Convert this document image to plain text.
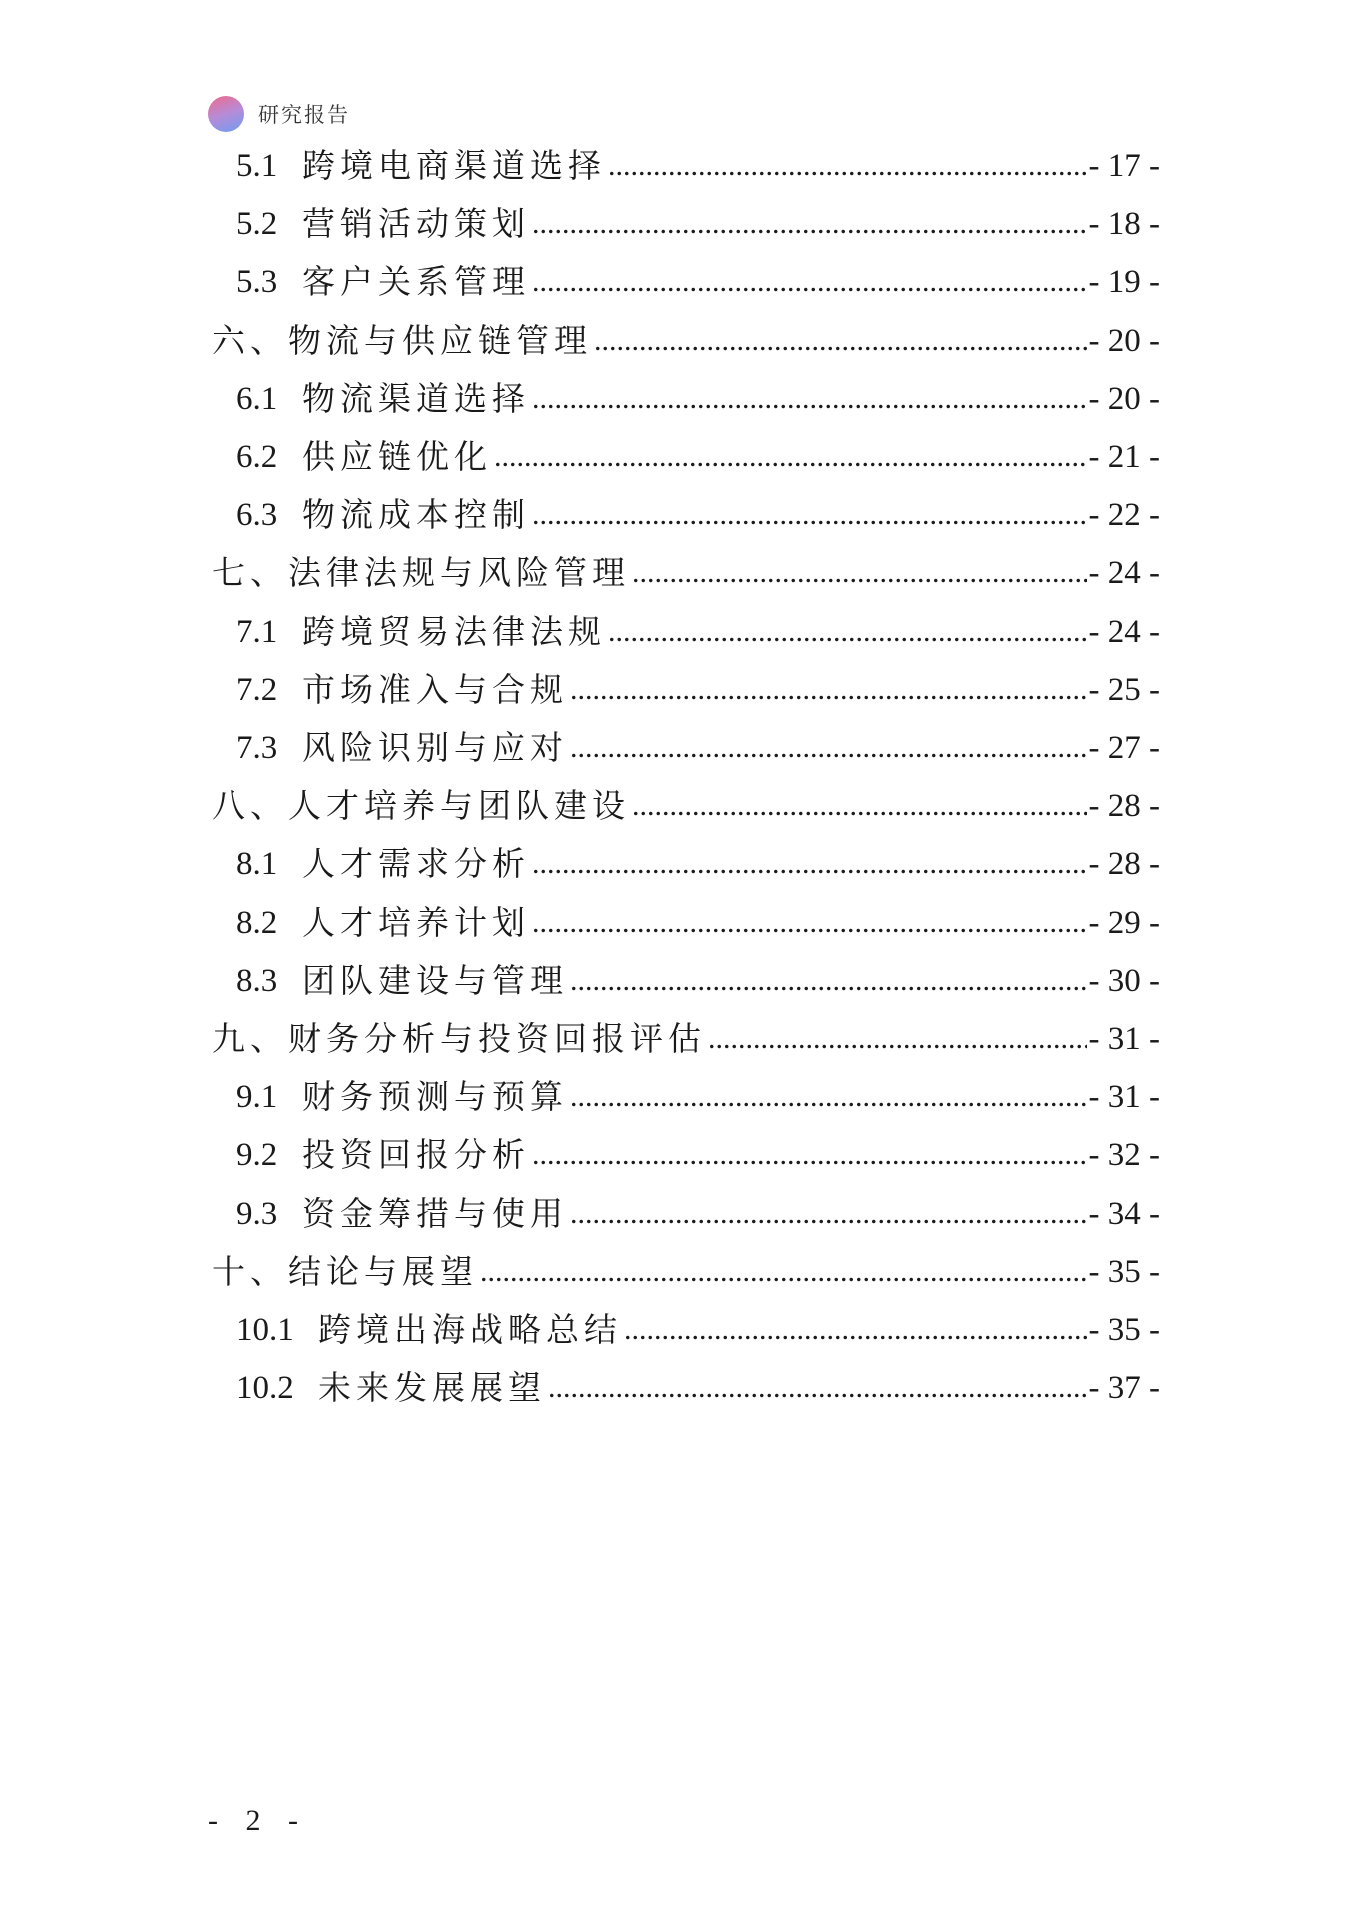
研究报告
5.1 跨境电商渠道选择 .....	- 17 -
5.2 营销活动策划 .....	- 18 -
5.3 客户关系管理 .....	- 19 -
六、物流与供应链管理 .....	- 20 -
6.1 物流渠道选择 .....	- 20 -
6.2 供应链优化 .....	- 21 -
6.3 物流成本控制 .....	- 22 -
七、法律法规与风险管理 .....	- 24 -
7.1 跨境贸易法律法规 .....	- 24 -
7.2 市场准入与合规 .....	- 25 -
7.3 风险识别与应对 .....	- 27 -
八、人才培养与团队建设 .....	- 28 -
8.1 人才需求分析 .....	- 28 -
8.2 人才培养计划 .....	- 29 -
8.3 团队建设与管理 .....	- 30 -
九、财务分析与投资回报评估 .....	- 31 -
9.1 财务预测与预算 .....	- 31 -
9.2 投资回报分析 .....	- 32 -
9.3 资金筹措与使用 .....	- 34 -
十、结论与展望 .....	- 35 -
10.1 跨境出海战略总结 .....	- 35 -
10.2 未来发展展望 .....	- 37 -
- 2 -
